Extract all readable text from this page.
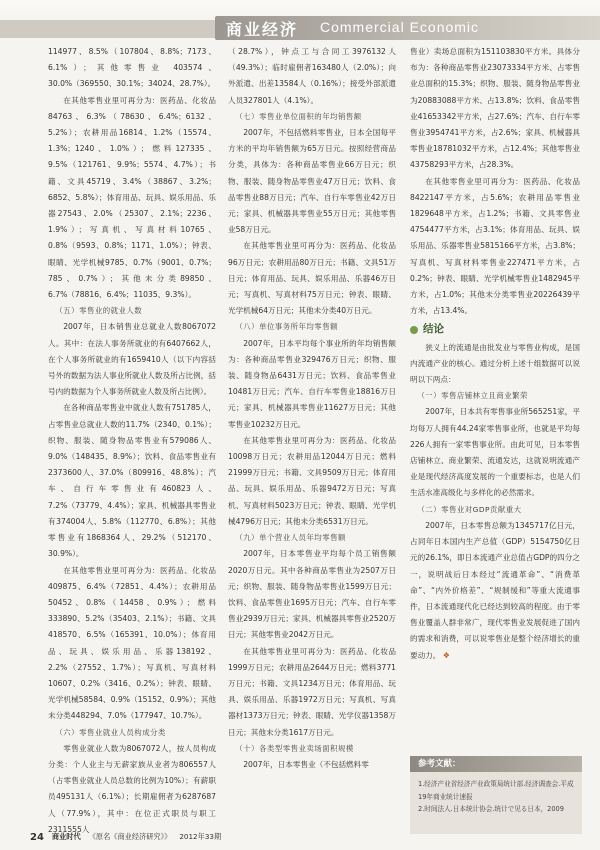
商业经济 Commercial Economic

114977、8.5%（107804、8.8%；7173、6.1%）；其他零售业 403574、30.0%（369550、30.1%；34024、28.7%）。

在其他零售业里可再分为：医药品、化妆品84763、6.3%（78630、6.4%；6132、5.2%）；农耕用品16814、1.2%（15574、1.3%；1240、1.0%）；燃料127335、9.5%（121761、9.9%；5574、4.7%）；书籍、文具45719、3.4%（38867、3.2%；6852、5.8%）；体育用品、玩具、娱乐用品、乐器27543、2.0%（25307、2.1%；2236、1.9%）；写真机、写真材料10765、0.8%（9593、0.8%；1171、1.0%）；钟表、眼睛、光学机械9785、0.7%（9001、0.7%；785、0.7%）；其他未分类89850、6.7%（78816、6.4%；11035、9.3%）。

（五）零售业的就业人数

2007年，日本销售业总就业人数8067072人。其中：在法人事务所就业的有6407662人，在个人事务所就业的有1659410人（以下内容括号外的数据为法人事业所就业人数及所占比例，括号内的数据为个人事务所就业人数及所占比例）。

在各种商品零售业中就业人数有751785人，占零售业总就业人数的11.7%（2340、0.1%）；织物、服装、随身物品零售业有579086人、9.0%（148435、8.9%）；饮料、食品零售业有2373600人、37.0%（809916、48.8%）；汽车、自行车零售业有460823人、7.2%（73779、4.4%）；家具、机械器具零售业有374004人、5.8%（112770、6.8%）；其他零售业有1868364人、29.2%（512170、30.9%）。

在其他零售业里可再分为：医药品、化妆品409875、6.4%（72851、4.4%）；农耕用品50452、0.8%（14458、0.9%）；燃料333890、5.2%（35403、2.1%）；书籍、文具418570、6.5%（165391、10.0%）；体育用品、玩具、娱乐用品、乐器138192、2.2%（27552、1.7%）；写真机、写真材料10607、0.2%（3416、0.2%）；钟表、眼睛、光学机械58584、0.9%（15152、0.9%）；其他未分类448294、7.0%（177947、10.7%）。

（六）零售业就业人员构成分类

零售业就业人数为8067072人，按人员构成分类：个人业主与无薪家族从业者为806557人（占零售业就业人员总数的比例为10%）；有薪职员495131人（6.1%）；长期雇佣者为6287687人（77.9%），其中：在位正式职员与职工2311555人

（28.7%），钟点工与合同工3976132人（49.3%）；临时雇佣者163480人（2.0%）；向外派遣、出差13584人（0.16%）；接受外部派遣人员327801人（4.1%）。

（七）零售业单位面积的年均销售额

2007年，不包括燃料零售业，日本全国每平方米的平均年销售额为65万日元。按照经营商品分类，具体为：各种商品零售业66万日元；织物、服装、随身物品零售业47万日元；饮料、食品零售业88万日元；汽车、自行车零售业42万日元；家具、机械器具零售业55万日元；其他零售业58万日元。

在其他零售业里可再分为：医药品、化妆品96万日元；农耕用品80万日元；书籍、文具51万日元；体育用品、玩具、娱乐用品、乐器46万日元；写真机、写真材料75万日元；钟表、眼睛、光学机械64万日元；其他未分类40万日元。

（八）单位事务所年均零售额

2007年，日本平均每个事业所的年均销售额为：各种商品零售业329476万日元；织物、服装、随身物品6431万日元；饮料、食品零售业10481万日元；汽车、自行车零售业18816万日元；家具、机械器具零售业11627万日元；其他零售业10232万日元。

在其他零售业里可再分为：医药品、化妆品10098万日元；农耕用品12044万日元；燃料21999万日元；书籍、文具9509万日元；体育用品、玩具、娱乐用品、乐器9472万日元；写真机、写真材料5023万日元；钟表、眼睛、光学机械4796万日元；其他未分类6531万日元。

（九）单个营业人员年均零售额

2007年，日本零售业平均每个员工销售额2020万日元。其中各种商品零售业为2507万日元；织物、服装、随身物品零售业1599万日元；饮料、食品零售业1695万日元；汽车、自行车零售业2939万日元；家具、机械器具零售业2520万日元；其他零售业2042万日元。

在其他零售业里可再分为：医药品、化妆品1999万日元；农耕用品2644万日元；燃料3771万日元；书籍、文具1234万日元；体育用品、玩具、娱乐用品、乐器1972万日元；写真机、写真器材1373万日元；钟表、眼睛、光学仪器1358万日元；其他未分类1617万日元。

（十）各类型零售业卖场面积规模

2007年，日本零售业（不包括燃料零

售业）卖场总面积为151103830平方米。具体分布为：各种商品零售业23073334平方米、占零售业总面积的15.3%；织物、服装、随身物品零售业为20883088平方米、占13.8%；饮料、食品零售业41653342平方米，占27.6%；汽车、自行车零售业3954741平方米，占2.6%；家具、机械器具零售业18781032平方米，占12.4%；其他零售业43758293平方米，占28.3%。

在其他零售业里可再分为：医药品、化妆品8422147平方米，占5.6%；农耕用品零售业1829648平方米，占1.2%；书籍、文具零售业4754477平方米，占3.1%；体育用品、玩具、娱乐用品、乐器零售业5815166平方米，占3.8%；写真机、写真材料零售业227471平方米，占0.2%；钟表、眼睛、光学机械零售业1482945平方米，占1.0%；其他未分类零售业20226439平方米，占13.4%。

结论

狭义上的流通是由批发业与零售业构成，是国内流通产业的核心。通过分析上述十组数据可以说明以下两点：

（一）零售店铺林立且商业繁荣

2007年，日本共有零售事业所565251家，平均每万人拥有44.24家零售事业所，也就是平均每226人拥有一家零售事业所。由此可见，日本零售店铺林立、商业繁荣、流通发达，这就说明流通产业是现代经济高度发展的一个重要标志，也是人们生活水准高级化与多样化的必然需求。

（二）零售业对GDP贡献重大

2007年，日本零售总额为1345717亿日元，占同年日本国内生产总值（GDP）5154750亿日元的26.1%，即日本流通产业总值占GDP的四分之一，说明战后日本经过“流通革命”、“消费革命”、“内外价格差”、“规制缓和”等重大流通事件，日本流通现代化已经达到较高的程度。由于零售业覆盖人群非常广，现代零售业发展促进了国内的需求和消费，可以说零售业是整个经济增长的重要动力。 ❖

参考文献：

1.经济产业省经济产业政策局统计部.经济调查会.平成19年商业统计速报

2.时间法人.日本统计协会.统计で见る日本，2009

24 商业时代 《原名《商业经济研究》》 2012年33期
